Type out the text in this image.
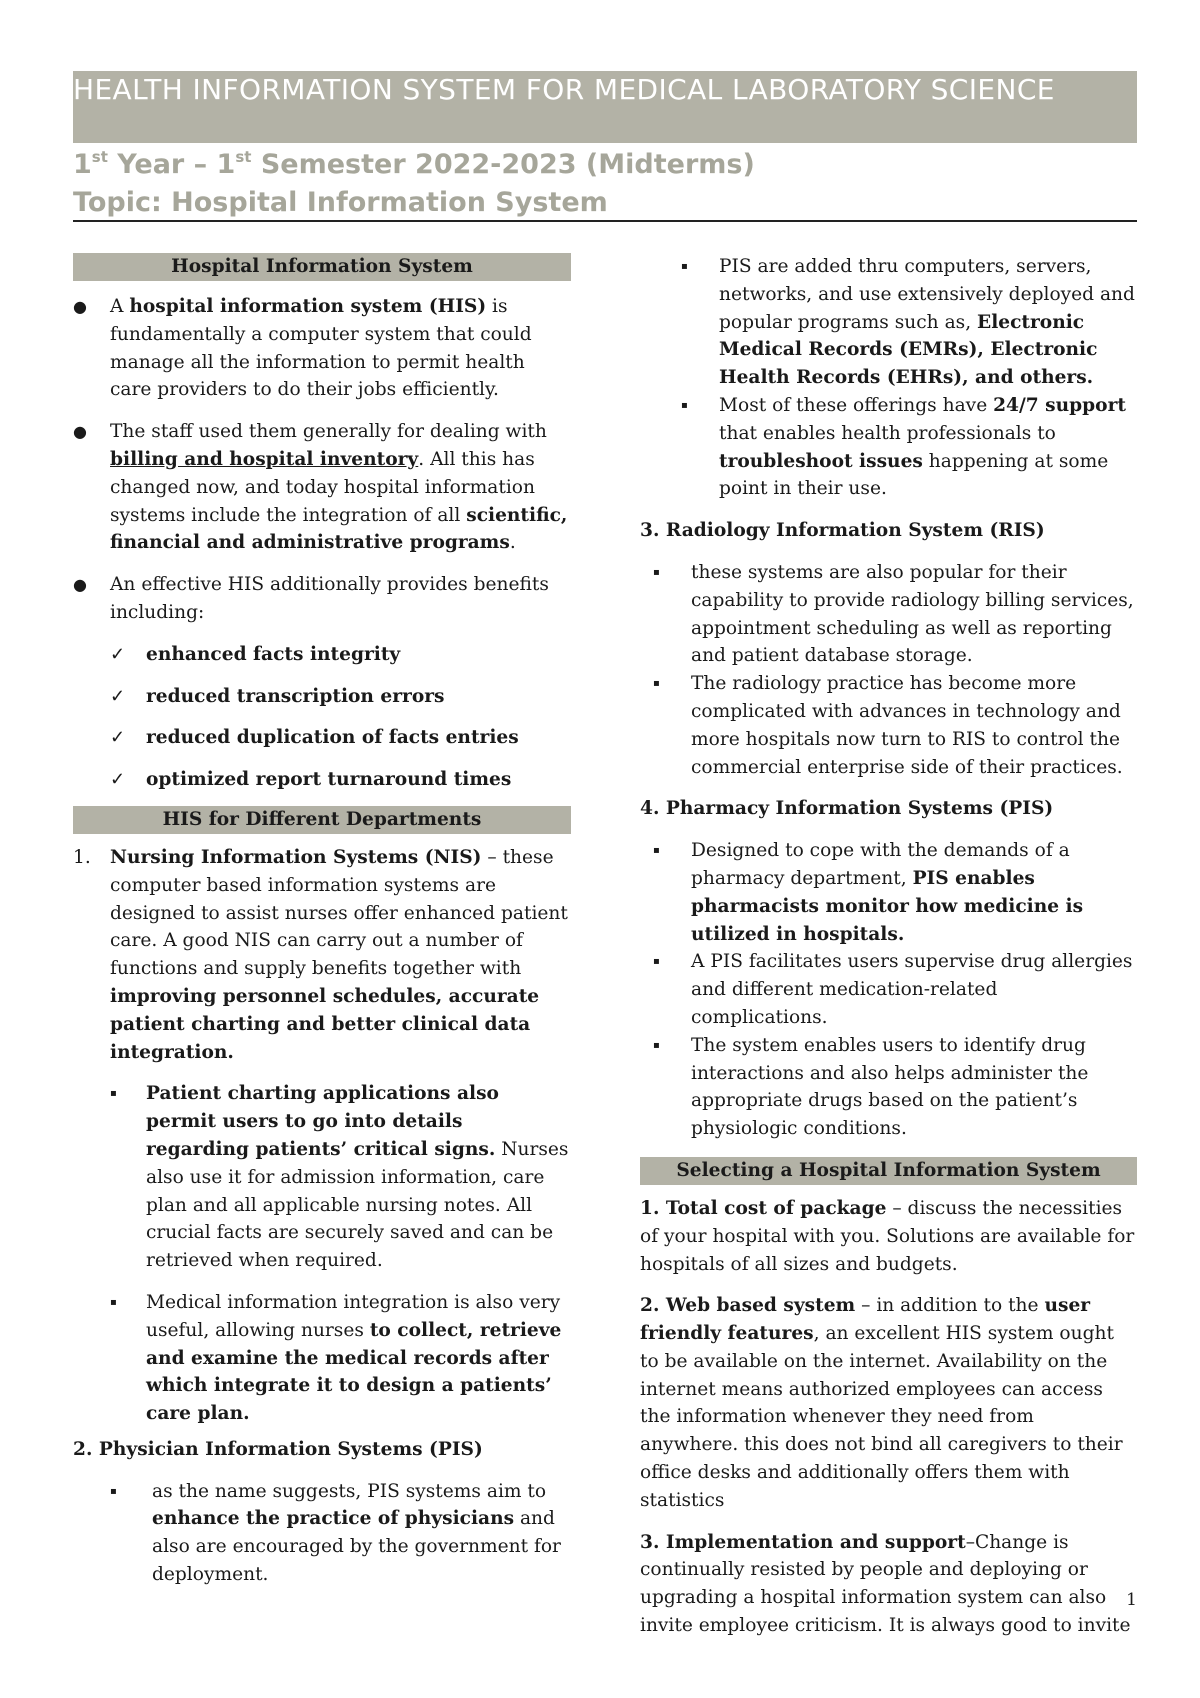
HEALTH INFORMATION SYSTEM FOR MEDICAL LABORATORY SCIENCE

1st Year – 1st Semester 2022-2023 (Midterms)

Topic: Hospital Information System

Hospital Information System

● A hospital information system (HIS) is fundamentally a computer system that could manage all the information to permit health care providers to do their jobs efficiently.

● The staff used them generally for dealing with billing and hospital inventory. All this has changed now, and today hospital information systems include the integration of all scientific, financial and administrative programs.

● An effective HIS additionally provides benefits including:

✓ enhanced facts integrity

✓ reduced transcription errors

✓ reduced duplication of facts entries

✓ optimized report turnaround times

HIS for Different Departments

1. Nursing Information Systems (NIS) – these computer based information systems are designed to assist nurses offer enhanced patient care. A good NIS can carry out a number of functions and supply benefits together with improving personnel schedules, accurate patient charting and better clinical data integration.

▪ Patient charting applications also permit users to go into details regarding patients’ critical signs. Nurses also use it for admission information, care plan and all applicable nursing notes. All crucial facts are securely saved and can be retrieved when required.

▪ Medical information integration is also very useful, allowing nurses to collect, retrieve and examine the medical records after which integrate it to design a patients’ care plan.

2. Physician Information Systems (PIS)

▪ as the name suggests, PIS systems aim to enhance the practice of physicians and also are encouraged by the government for deployment.

▪ PIS are added thru computers, servers, networks, and use extensively deployed and popular programs such as, Electronic Medical Records (EMRs), Electronic Health Records (EHRs), and others.

▪ Most of these offerings have 24/7 support that enables health professionals to troubleshoot issues happening at some point in their use.

3. Radiology Information System (RIS)

▪ these systems are also popular for their capability to provide radiology billing services, appointment scheduling as well as reporting and patient database storage.

▪ The radiology practice has become more complicated with advances in technology and more hospitals now turn to RIS to control the commercial enterprise side of their practices.

4. Pharmacy Information Systems (PIS)

▪ Designed to cope with the demands of a pharmacy department, PIS enables pharmacists monitor how medicine is utilized in hospitals.

▪ A PIS facilitates users supervise drug allergies and different medication-related complications.

▪ The system enables users to identify drug interactions and also helps administer the appropriate drugs based on the patient’s physiologic conditions.

Selecting a Hospital Information System

1. Total cost of package – discuss the necessities of your hospital with you. Solutions are available for hospitals of all sizes and budgets.

2. Web based system – in addition to the user friendly features, an excellent HIS system ought to be available on the internet. Availability on the internet means authorized employees can access the information whenever they need from anywhere. this does not bind all caregivers to their office desks and additionally offers them with statistics

3. Implementation and support–Change is continually resisted by people and deploying or upgrading a hospital information system can also invite employee criticism. It is always good to invite

1
